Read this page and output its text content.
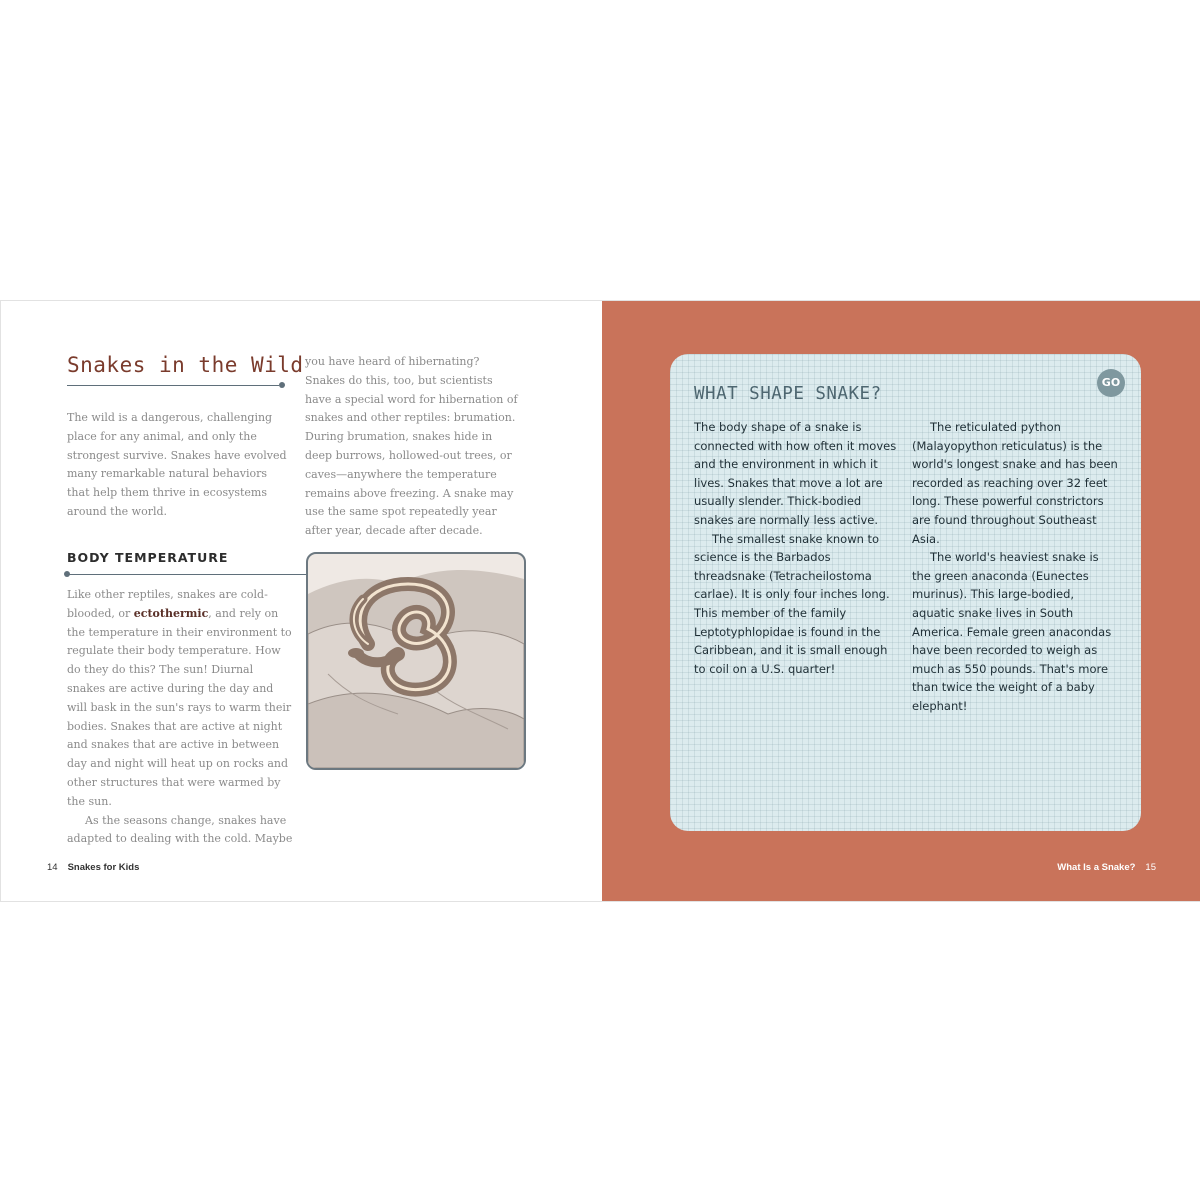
Snakes in the Wild

The wild is a dangerous, challenging place for any animal, and only the strongest survive. Snakes have evolved many remarkable natural behaviors that help them thrive in ecosystems around the world.

you have heard of hibernating? Snakes do this, too, but scientists have a special word for hibernation of snakes and other reptiles: brumation. During brumation, snakes hide in deep burrows, hollowed-out trees, or caves—anywhere the temperature remains above freezing. A snake may use the same spot repeatedly year after year, decade after decade.

BODY TEMPERATURE

Like other reptiles, snakes are cold-blooded, or ectothermic, and rely on the temperature in their environment to regulate their body temperature. How do they do this? The sun! Diurnal snakes are active during the day and will bask in the sun's rays to warm their bodies. Snakes that are active at night and snakes that are active in between day and night will heat up on rocks and other structures that were warmed by the sun.

As the seasons change, snakes have adapted to dealing with the cold. Maybe

14 Snakes for Kids
WHAT SHAPE SNAKE?
GO

The body shape of a snake is connected with how often it moves and the environment in which it lives. Snakes that move a lot are usually slender. Thick-bodied snakes are normally less active.

The smallest snake known to science is the Barbados threadsnake (Tetracheilostoma carlae). It is only four inches long. This member of the family Leptotyphlopidae is found in the Caribbean, and it is small enough to coil on a U.S. quarter!

The reticulated python (Malayopython reticulatus) is the world's longest snake and has been recorded as reaching over 32 feet long. These powerful constrictors are found throughout Southeast Asia.

The world's heaviest snake is the green anaconda (Eunectes murinus). This large-bodied, aquatic snake lives in South America. Female green anacondas have been recorded to weigh as much as 550 pounds. That's more than twice the weight of a baby elephant!

What Is a Snake? 15
